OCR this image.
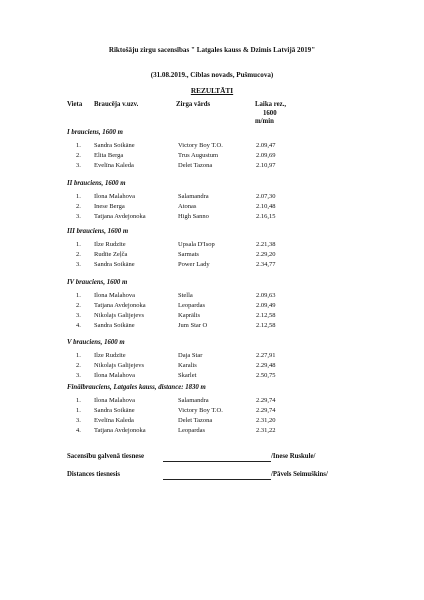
Riktošāju zirgu sacensības " Latgales kauss & Dzimis Latvijā 2019"
(31.08.2019., Ciblas novads, Pušmucova)
REZULTĀTI
Vieta Braucēja v.uzv.	Zirga vārds	Laika rez.,
1600
m/min
I brauciens, 1600 m
1. Sandra Soikāne	Victory Boy T.O.	2.09,47
2. Elita Berga	Trus Augustum	2.09,69
3. Evelīna Kaleda	Delet Tazona	2.10,97
II brauciens, 1600 m
1. Ilona Malahova	Salamandra	2.07,30
2. Inese Berga	Atonas	2.10,48
3. Tatjana Avdejonoka	High Sanno	2.16,15
III brauciens, 1600 m
1. Ilze Rudzīte	Upsala D'Isop	2.21,38
2. Rudīte Zeļča	Sarmats	2.29,20
3. Sandra Soikāne	Power Lady	2.34,77
IV brauciens, 1600 m
1. Ilona Malahova	Stella	2.09,63
2. Tatjana Avdejonoka	Leopardas	2.09,49
3. Nikolajs Galijejevs	Kaprālis	2.12,58
4. Sandra Soikāne	Jum Star O	2.12,58
V brauciens, 1600 m
1. Ilze Rudzīte	Daja Star	2.27,91
2. Nikolajs Galijejevs	Karalis	2.29,48
3. Ilona Malahova	Skarlet	2.50,75
Finālbrauciens, Latgales kauss, distance: 1830 m
1. Ilona Malahova	Salamandra	2.29,74
1. Sandra Soikāne	Victory Boy T.O.	2.29,74
3. Evelīna Kaleda	Delet Tazona	2.31,20
4. Tatjana Avdejonoka	Leopardas	2.31,22
Sacensību galvenā tiesnese	/Inese Ruskule/
Distances tiesnesis	/Pāvels Seimuškins/
